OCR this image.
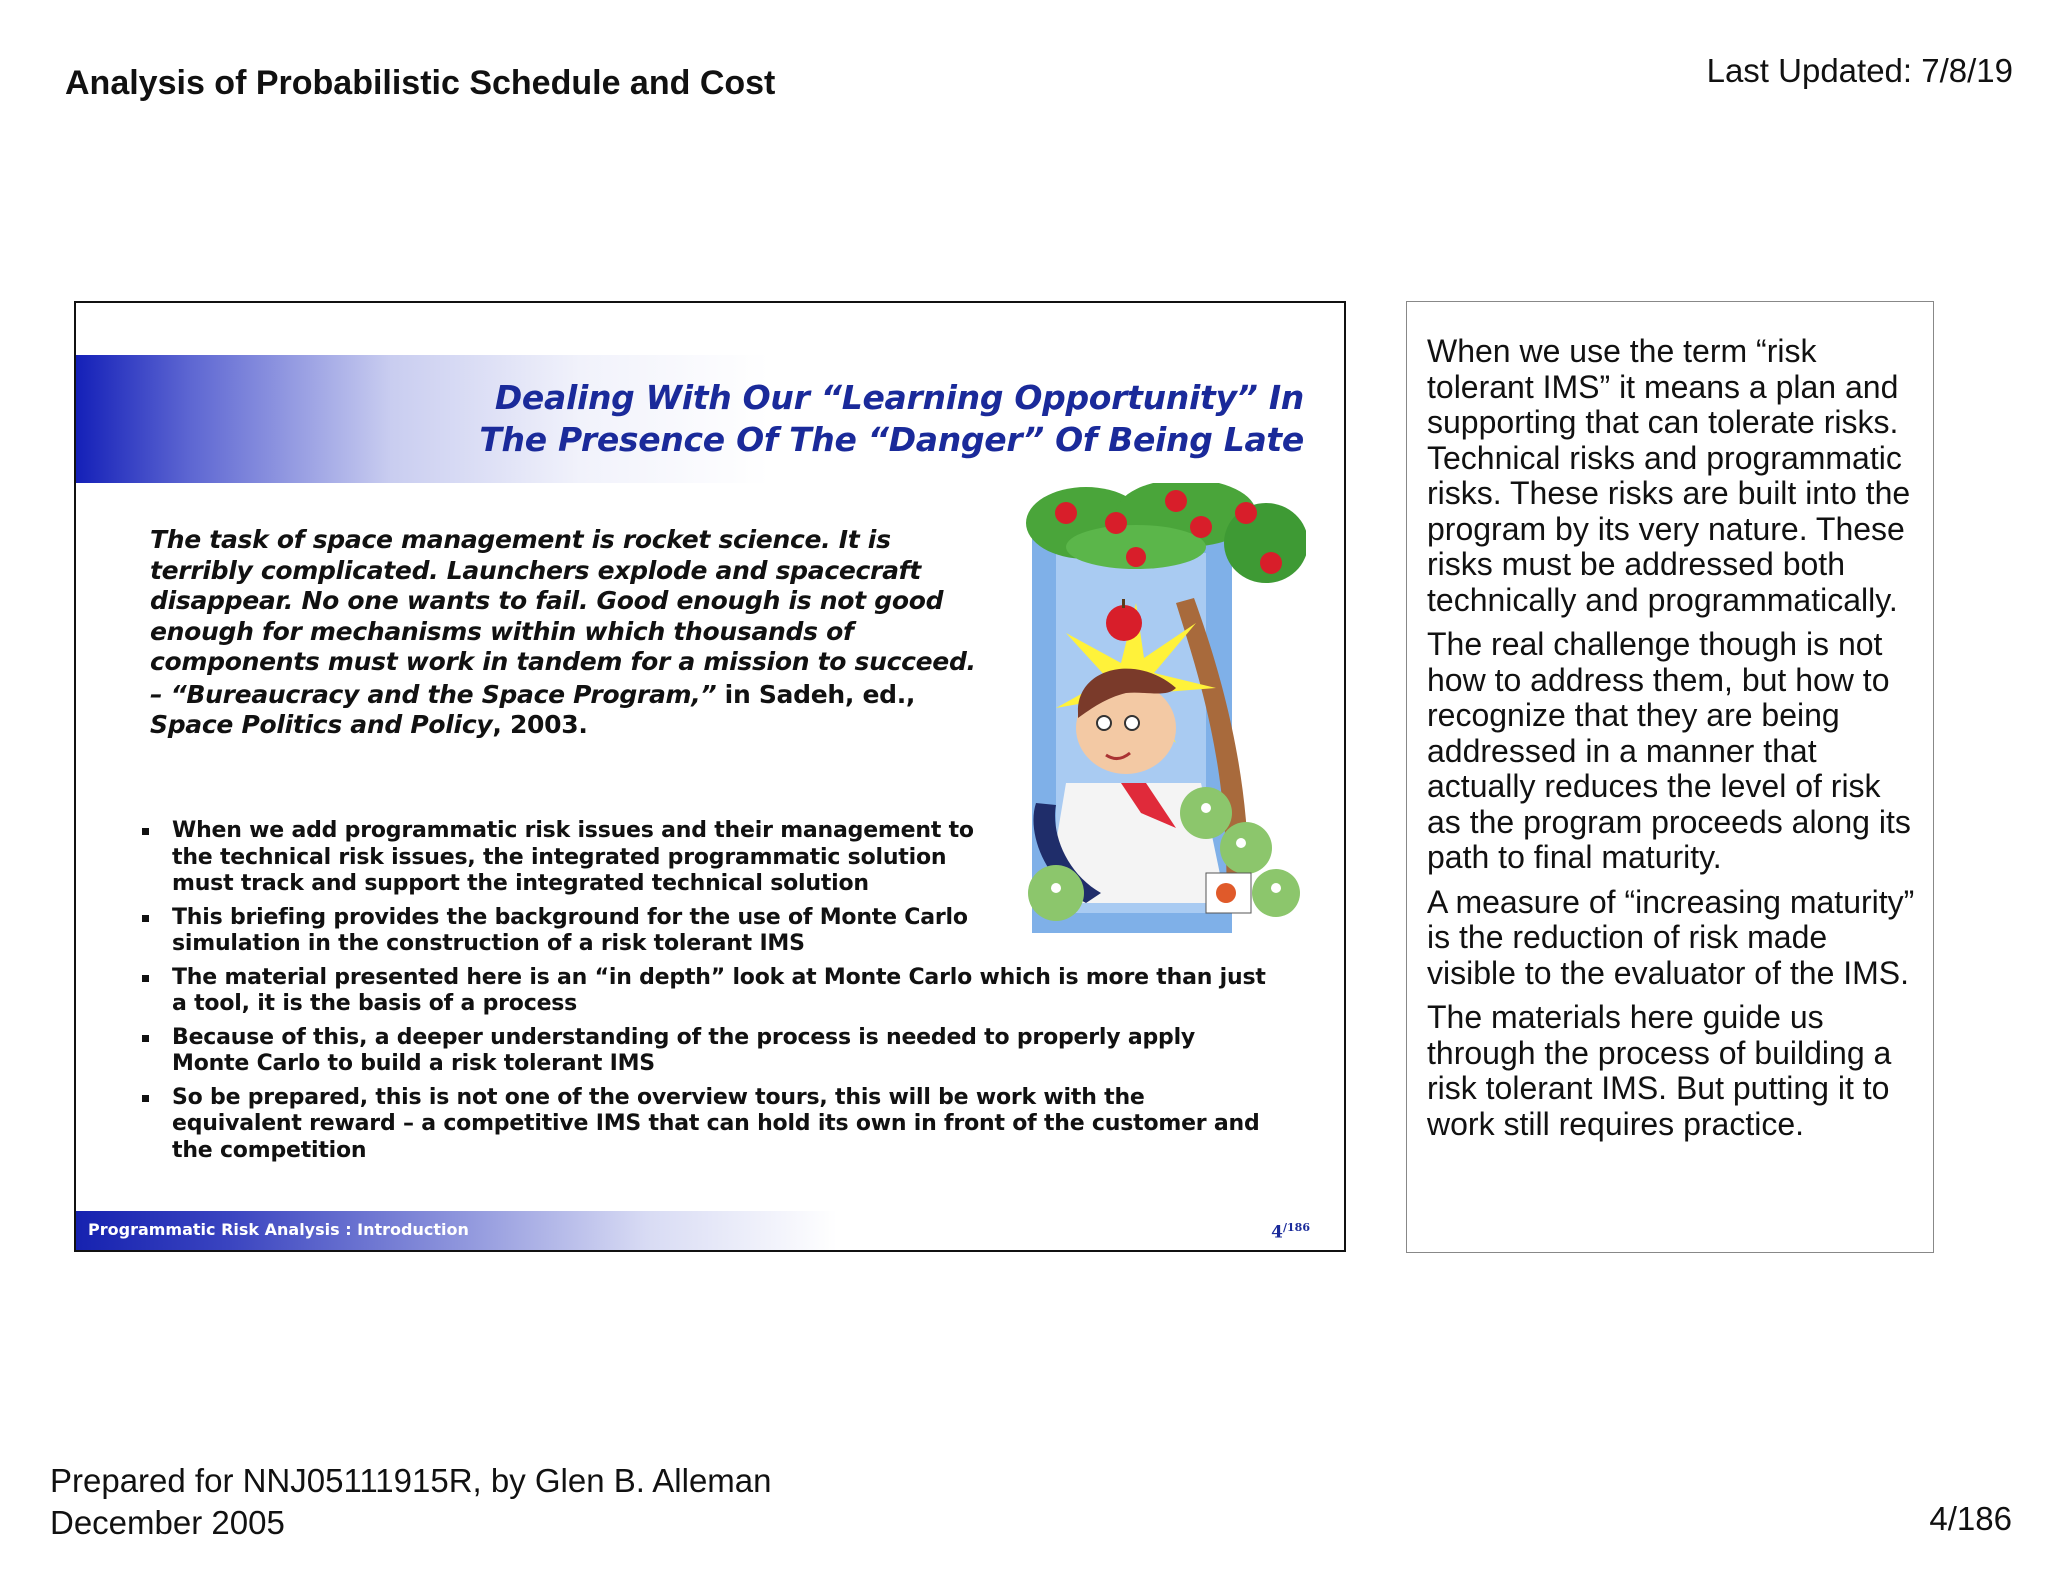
Analysis of Probabilistic Schedule and Cost	Last Updated: 7/8/19
Dealing With Our “Learning Opportunity” In
The Presence Of The “Danger” Of Being Late
The task of space management is rocket science. It is terribly complicated. Launchers explode and spacecraft disappear. No one wants to fail. Good enough is not good enough for mechanisms within which thousands of components must work in tandem for a mission to succeed.
– “Bureaucracy and the Space Program,” in Sadeh, ed.,
Space Politics and Policy, 2003.
When we add programmatic risk issues and their management to the technical risk issues, the integrated programmatic solution must track and support the integrated technical solution
This briefing provides the background for the use of Monte Carlo simulation in the construction of a risk tolerant IMS
The material presented here is an “in depth” look at Monte Carlo which is more than just a tool, it is the basis of a process
Because of this, a deeper understanding of the process is needed to properly apply Monte Carlo to build a risk tolerant IMS
So be prepared, this is not one of the overview tours, this will be work with the equivalent reward – a competitive IMS that can hold its own in front of the customer and the competition
Programmatic Risk Analysis : Introduction	$4^{/186}$

When we use the term “risk tolerant IMS” it means a plan and supporting that can tolerate risks. Technical risks and programmatic risks. These risks are built into the program by its very nature. These risks must be addressed both technically and programmatically.

The real challenge though is not how to address them, but how to recognize that they are being addressed in a manner that actually reduces the level of risk as the program proceeds along its path to final maturity.

A measure of “increasing maturity” is the reduction of risk made visible to the evaluator of the IMS.

The materials here guide us through the process of building a risk tolerant IMS. But putting it to work still requires practice.

Prepared for NNJ05111915R, by Glen B. Alleman
December 2005	4/186
